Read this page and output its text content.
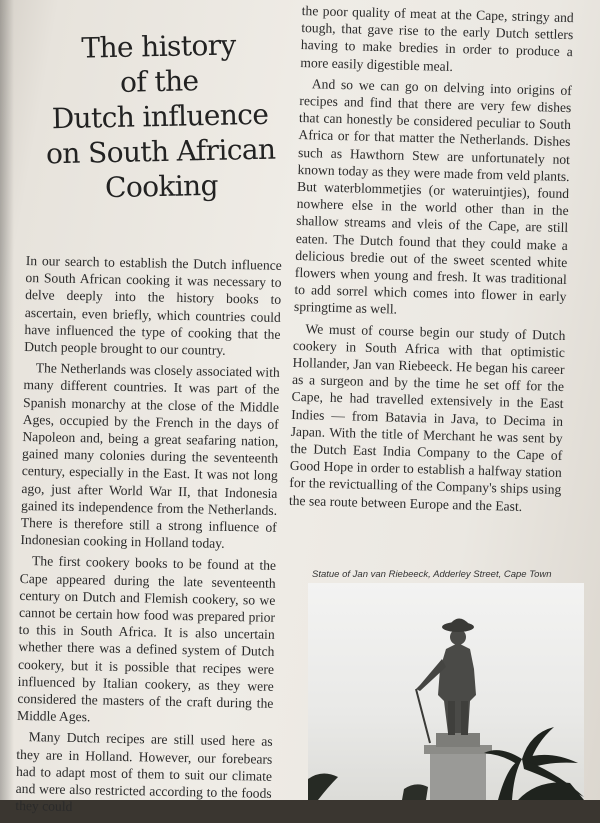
The history
of the
Dutch influence
on South African
Cooking

In our search to establish the Dutch influence on South African cooking it was necessary to delve deeply into the history books to ascertain, even briefly, which countries could have influenced the type of cooking that the Dutch people brought to our country.

The Netherlands was closely associated with many different countries. It was part of the Spanish monarchy at the close of the Middle Ages, occupied by the French in the days of Napoleon and, being a great seafaring nation, gained many colonies during the seventeenth century, especially in the East. It was not long ago, just after World War II, that Indonesia gained its independence from the Netherlands. There is therefore still a strong influence of Indonesian cooking in Holland today.

The first cookery books to be found at the Cape appeared during the late seventeenth century on Dutch and Flemish cookery, so we cannot be certain how food was prepared prior to this in South Africa. It is also uncertain whether there was a defined system of Dutch cookery, but it is possible that recipes were influenced by Italian cookery, as they were considered the masters of the craft during the Middle Ages.

Many Dutch recipes are still used here as they are in Holland. However, our forebears had to adapt most of them to suit our climate and were also restricted according to the foods they could

the poor quality of meat at the Cape, stringy and tough, that gave rise to the early Dutch settlers having to make bredies in order to produce a more easily digestible meal.

And so we can go on delving into origins of recipes and find that there are very few dishes that can honestly be considered peculiar to South Africa or for that matter the Netherlands. Dishes such as Hawthorn Stew are unfortunately not known today as they were made from veld plants. But waterblommetjies (or wateruintjies), found nowhere else in the world other than in the shallow streams and vleis of the Cape, are still eaten. The Dutch found that they could make a delicious bredie out of the sweet scented white flowers when young and fresh. It was traditional to add sorrel which comes into flower in early springtime as well.

We must of course begin our study of Dutch cookery in South Africa with that optimistic Hollander, Jan van Riebeeck. He began his career as a surgeon and by the time he set off for the Cape, he had travelled extensively in the East Indies — from Batavia in Java, to Decima in Japan. With the title of Merchant he was sent by the Dutch East India Company to the Cape of Good Hope in order to establish a halfway station for the revictualling of the Company's ships using the sea route between Europe and the East.

Statue of Jan van Riebeeck, Adderley Street, Cape Town
